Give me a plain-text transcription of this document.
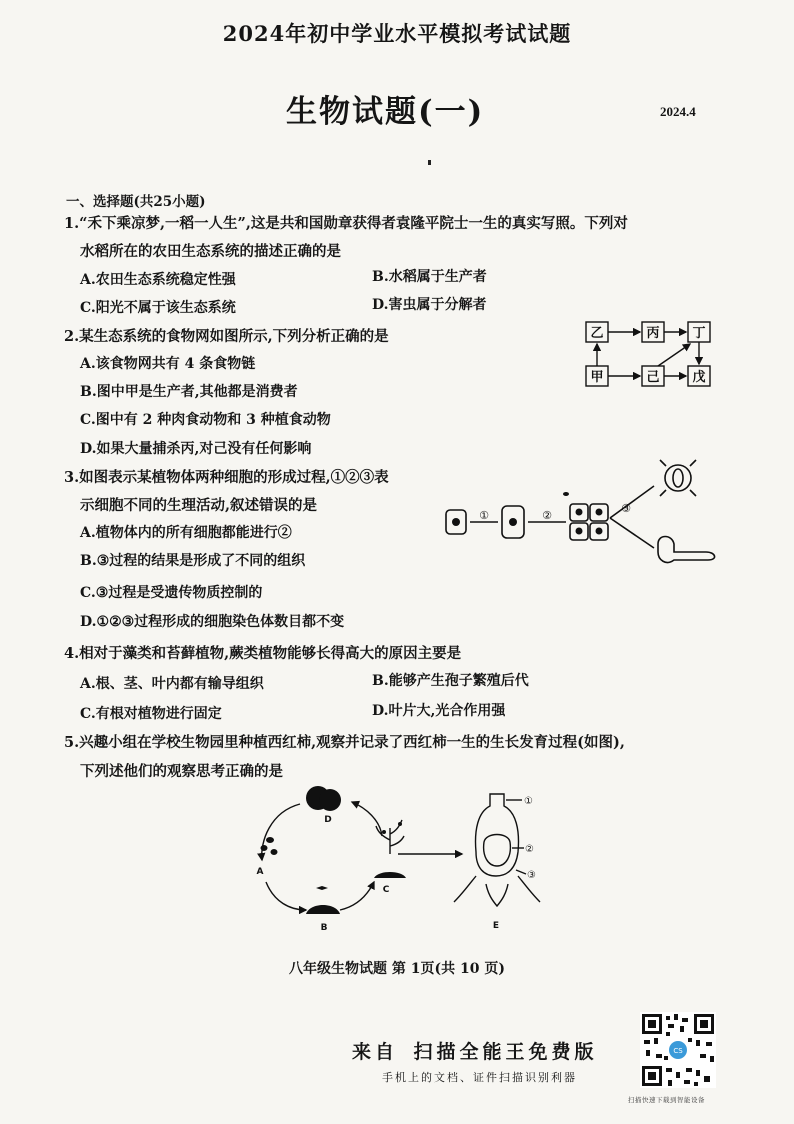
2024年初中学业水平模拟考试试题
生物试题(一)	2024.4
一、选择题(共25小题)
1.“禾下乘凉梦,一稻一人生”,这是共和国勋章获得者袁隆平院士一生的真实写照。下列对
水稻所在的农田生态系统的描述正确的是
A.农田生态系统稳定性强	B.水稻属于生产者
C.阳光不属于该生态系统	D.害虫属于分解者
2.某生态系统的食物网如图所示,下列分析正确的是
A.该食物网共有 4 条食物链
B.图中甲是生产者,其他都是消费者
C.图中有 2 种肉食动物和 3 种植食动物
D.如果大量捕杀丙,对己没有任何影响
乙	丙	丁
甲	己	戊
3.如图表示某植物体两种细胞的形成过程,①②③表
示细胞不同的生理活动,叙述错误的是
A.植物体内的所有细胞都能进行②
B.③过程的结果是形成了不同的组织
C.③过程是受遗传物质控制的
D.①②③过程形成的细胞染色体数目都不变
①	②
③
4.相对于藻类和苔藓植物,蕨类植物能够长得高大的原因主要是
A.根、茎、叶内都有输导组织	B.能够产生孢子繁殖后代
C.有根对植物进行固定	D.叶片大,光合作用强
5.兴趣小组在学校生物园里种植西红柿,观察并记录了西红柿一生的生长发育过程(如图),
下列述他们的观察思考正确的是
A
B
C
D
E
①
②
③
八年级生物试题 第 1页(共 10 页)
来自 扫描全能王免费版
手机上的文档、证件扫描识别利器
CS
扫描快速下载到智能设备
